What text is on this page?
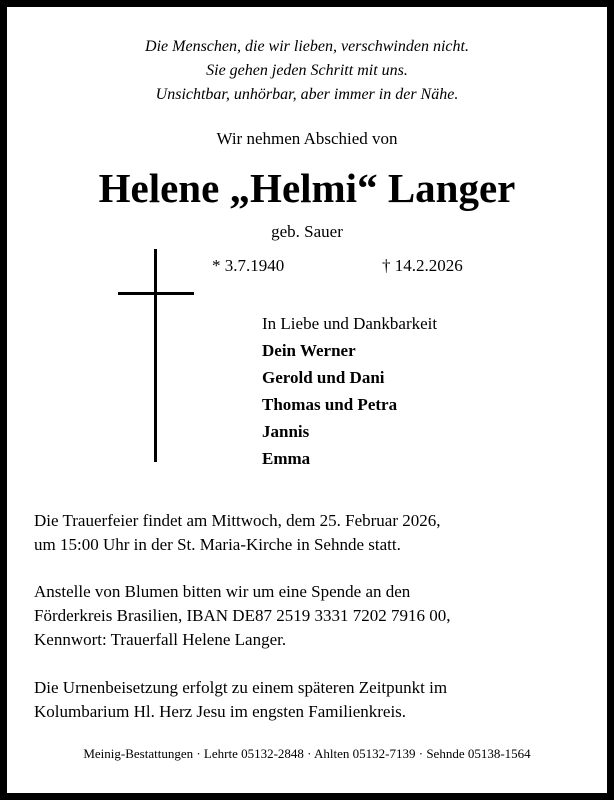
Die Menschen, die wir lieben, verschwinden nicht.
Sie gehen jeden Schritt mit uns.
Unsichtbar, unhörbar, aber immer in der Nähe.
Wir nehmen Abschied von
Helene „Helmi“ Langer
geb. Sauer
* 3.7.1940	† 14.2.2026
In Liebe und Dankbarkeit
Dein Werner
Gerold und Dani
Thomas und Petra
Jannis
Emma
Die Trauerfeier findet am Mittwoch, dem 25. Februar 2026,
um 15:00 Uhr in der St. Maria-Kirche in Sehnde statt.
Anstelle von Blumen bitten wir um eine Spende an den
Förderkreis Brasilien, IBAN DE87 2519 3331 7202 7916 00,
Kennwort: Trauerfall Helene Langer.
Die Urnenbeisetzung erfolgt zu einem späteren Zeitpunkt im
Kolumbarium Hl. Herz Jesu im engsten Familienkreis.
Meinig-Bestattungen · Lehrte 05132-2848 · Ahlten 05132-7139 · Sehnde 05138-1564
